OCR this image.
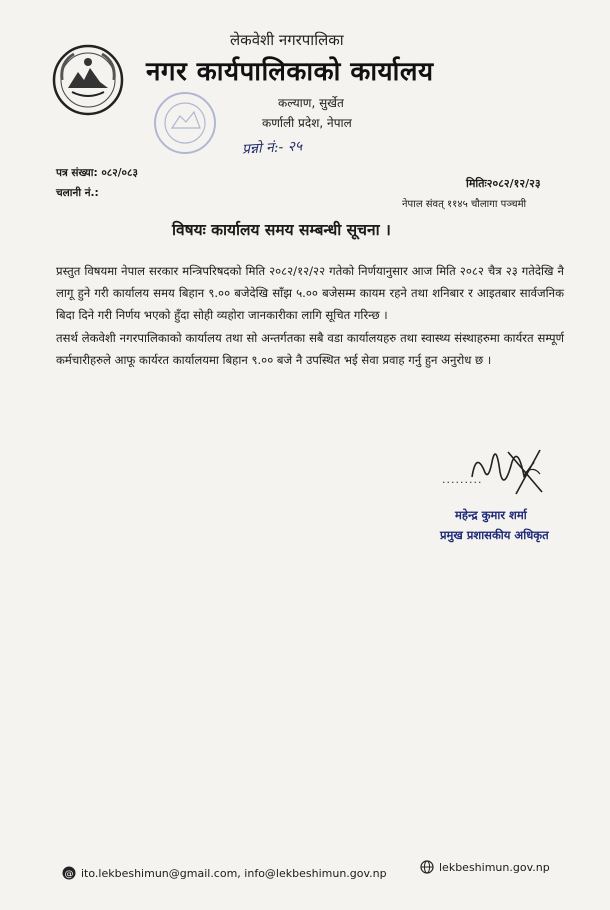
लेकवेशी नगरपालिका
नगर कार्यपालिकाको कार्यालय
कल्याण, सुर्खेत
कर्णाली प्रदेश, नेपाल
प्रन्नो नं:- २५
पत्र संख्या: ०८२/०८३
चलानी नं.:
मितिः२०८२/१२/२३
नेपाल संवत् ११४५ चौलागा पञ्चमी
विषयः कार्यालय समय सम्बन्धी सूचना ।

प्रस्तुत विषयमा नेपाल सरकार मन्त्रिपरिषदको मिति २०८२/१२/२२ गतेको निर्णयानुसार आज मिति २०८२ चैत्र २३ गतेदेखि नै लागू हुने गरी कार्यालय समय बिहान ९.०० बजेदेखि साँझ ५.०० बजेसम्म कायम रहने तथा शनिबार र आइतबार सार्वजनिक बिदा दिने गरी निर्णय भएको हुँदा सोही व्यहोरा जानकारीका लागि सूचित गरिन्छ ।

तसर्थ लेकवेशी नगरपालिकाको कार्यालय तथा सो अन्तर्गतका सबै वडा कार्यालयहरु तथा स्वास्थ्य संस्थाहरुमा कार्यरत सम्पूर्ण कर्मचारीहरुले आफू कार्यरत कार्यालयमा बिहान ९.०० बजे नै उपस्थित भई सेवा प्रवाह गर्नु हुन अनुरोध छ ।

.........
महेन्द्र कुमार शर्मा
प्रमुख प्रशासकीय अधिकृत
@ ito.lekbeshimun@gmail.com, info@lekbeshimun.gov.np	lekbeshimun.gov.np
